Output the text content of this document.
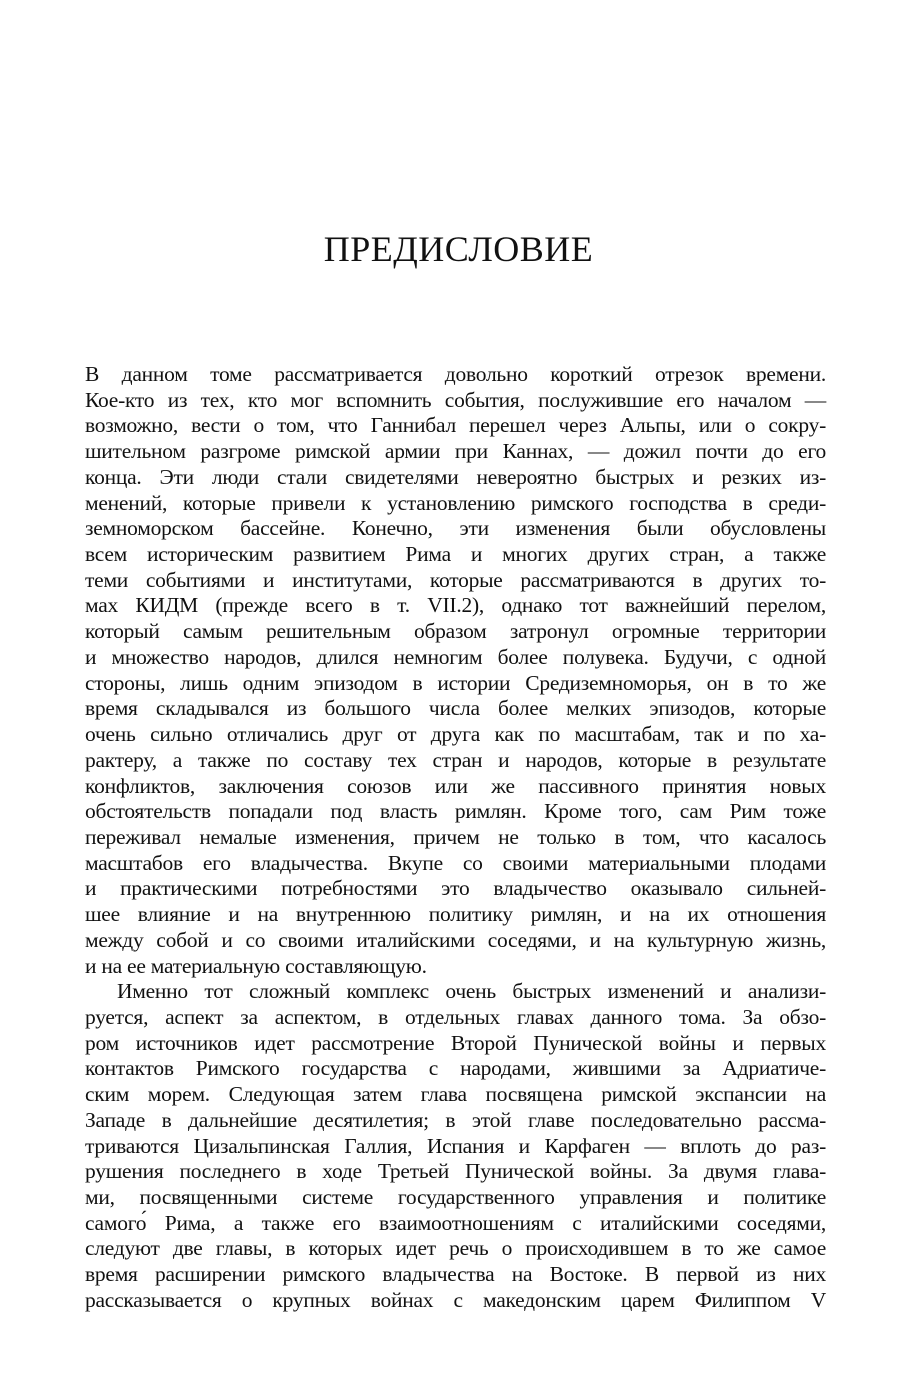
ПРЕДИСЛОВИЕ
В данном томе рассматривается довольно короткий отрезок времени.
Кое-кто из тех, кто мог вспомнить события, послужившие его началом —
возможно, вести о том, что Ганнибал перешел через Альпы, или о сокру-
шительном разгроме римской армии при Каннах, — дожил почти до его
конца. Эти люди стали свидетелями невероятно быстрых и резких из-
менений, которые привели к установлению римского господства в среди-
земноморском бассейне. Конечно, эти изменения были обусловлены
всем историческим развитием Рима и многих других стран, а также
теми событиями и институтами, которые рассматриваются в других то-
мах КИДМ (прежде всего в т. VII.2), однако тот важнейший перелом,
который самым решительным образом затронул огромные территории
и множество народов, длился немногим более полувека. Будучи, с одной
стороны, лишь одним эпизодом в истории Средиземноморья, он в то же
время складывался из большого числа более мелких эпизодов, которые
очень сильно отличались друг от друга как по масштабам, так и по ха-
рактеру, а также по составу тех стран и народов, которые в результате
конфликтов, заключения союзов или же пассивного принятия новых
обстоятельств попадали под власть римлян. Кроме того, сам Рим тоже
переживал немалые изменения, причем не только в том, что касалось
масштабов его владычества. Вкупе со своими материальными плодами
и практическими потребностями это владычество оказывало сильней-
шее влияние и на внутреннюю политику римлян, и на их отношения
между собой и со своими италийскими соседями, и на культурную жизнь,
и на ее материальную составляющую.
Именно тот сложный комплекс очень быстрых изменений и анализи-
руется, аспект за аспектом, в отдельных главах данного тома. За обзо-
ром источников идет рассмотрение Второй Пунической войны и первых
контактов Римского государства с народами, жившими за Адриатиче-
ским морем. Следующая затем глава посвящена римской экспансии на
Западе в дальнейшие десятилетия; в этой главе последовательно рассма-
триваются Цизальпинская Галлия, Испания и Карфаген — вплоть до раз-
рушения последнего в ходе Третьей Пунической войны. За двумя глава-
ми, посвященными системе государственного управления и политике
самого́ Рима, а также его взаимоотношениям с италийскими соседями,
следуют две главы, в которых идет речь о происходившем в то же самое
время расширении римского владычества на Востоке. В первой из них
рассказывается о крупных войнах с македонским царем Филиппом V
